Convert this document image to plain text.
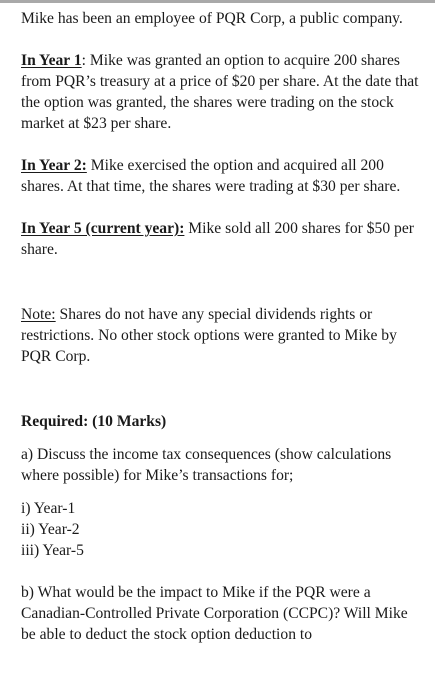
Mike has been an employee of PQR Corp, a public company.

In Year 1: Mike was granted an option to acquire 200 shares from PQR’s treasury at a price of $20 per share. At the date that the option was granted, the shares were trading on the stock market at $23 per share.

In Year 2: Mike exercised the option and acquired all 200 shares. At that time, the shares were trading at $30 per share.

In Year 5 (current year): Mike sold all 200 shares for $50 per share.

Note: Shares do not have any special dividends rights or restrictions. No other stock options were granted to Mike by PQR Corp.

Required: (10 Marks)

a) Discuss the income tax consequences (show calculations where possible) for Mike’s transactions for;

i) Year-1
ii) Year-2
iii) Year-5

b) What would be the impact to Mike if the PQR were a Canadian-Controlled Private Corporation (CCPC)? Will Mike be able to deduct the stock option deduction to
